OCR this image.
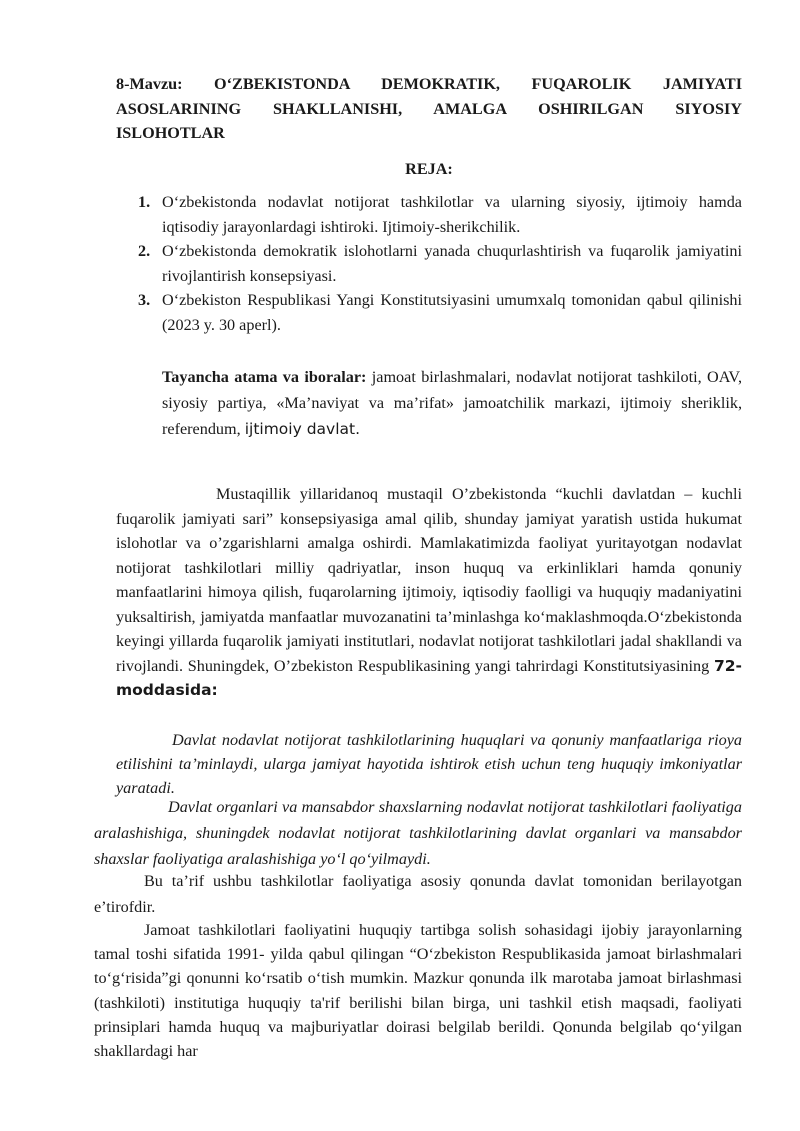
8-Mavzu: O‘ZBEKISTONDA DEMOKRATIK, FUQAROLIK JAMIYATI ASOSLARINING SHAKLLANISHI, AMALGA OSHIRILGAN SIYOSIY ISLOHOTLAR

REJA:

1. O‘zbekistonda nodavlat notijorat tashkilotlar va ularning siyosiy, ijtimoiy hamda iqtisodiy jarayonlardagi ishtiroki. Ijtimoiy-sherikchilik.
2. O‘zbekistonda demokratik islohotlarni yanada chuqurlashtirish va fuqarolik jamiyatini rivojlantirish konsepsiyasi.
3. O‘zbekiston Respublikasi Yangi Konstitutsiyasini umumxalq tomonidan qabul qilinishi (2023 y. 30 aperl).

Tayancha atama va iboralar: jamoat birlashmalari, nodavlat notijorat tashkiloti, OAV, siyosiy partiya, «Ma’naviyat va ma’rifat» jamoatchilik markazi, ijtimoiy sheriklik, referendum, ijtimoiy davlat.

Mustaqillik yillaridanoq mustaqil O’zbekistonda “kuchli davlatdan – kuchli fuqarolik jamiyati sari” konsepsiyasiga amal qilib, shunday jamiyat yaratish ustida hukumat islohotlar va o’zgarishlarni amalga oshirdi. Mamlakatimizda faoliyat yuritayotgan nodavlat notijorat tashkilotlari milliy qadriyatlar, inson huquq va erkinliklari hamda qonuniy manfaatlarini himoya qilish, fuqarolarning ijtimoiy, iqtisodiy faolligi va huquqiy madaniyatini yuksaltirish, jamiyatda manfaatlar muvozanatini ta’minlashga ko‘maklashmoqda.O‘zbekistonda keyingi yillarda fuqarolik jamiyati institutlari, nodavlat notijorat tashkilotlari jadal shakllandi va rivojlandi. Shuningdek, O’zbekiston Respublikasining yangi tahrirdagi Konstitutsiyasining 72-moddasida:

Davlat nodavlat notijorat tashkilotlarining huquqlari va qonuniy manfaatlariga rioya etilishini ta’minlaydi, ularga jamiyat hayotida ishtirok etish uchun teng huquqiy imkoniyatlar yaratadi.

Davlat organlari va mansabdor shaxslarning nodavlat notijorat tashkilotlari faoliyatiga aralashishiga, shuningdek nodavlat notijorat tashkilotlarining davlat organlari va mansabdor shaxslar faoliyatiga aralashishiga yo‘l qo‘yilmaydi.

Bu ta’rif ushbu tashkilotlar faoliyatiga asosiy qonunda davlat tomonidan berilayotgan e’tirofdir.

Jamoat tashkilotlari faoliyatini huquqiy tartibga solish sohasidagi ijobiy jarayonlarning tamal toshi sifatida 1991- yilda qabul qilingan “O‘zbekiston Respublikasida jamoat birlashmalari to‘g‘risida”gi qonunni ko‘rsatib o‘tish mumkin. Mazkur qonunda ilk marotaba jamoat birlashmasi (tashkiloti) institutiga huquqiy ta'rif berilishi bilan birga, uni tashkil etish maqsadi, faoliyati prinsiplari hamda huquq va majburiyatlar doirasi belgilab berildi. Qonunda belgilab qo‘yilgan shakllardagi har
